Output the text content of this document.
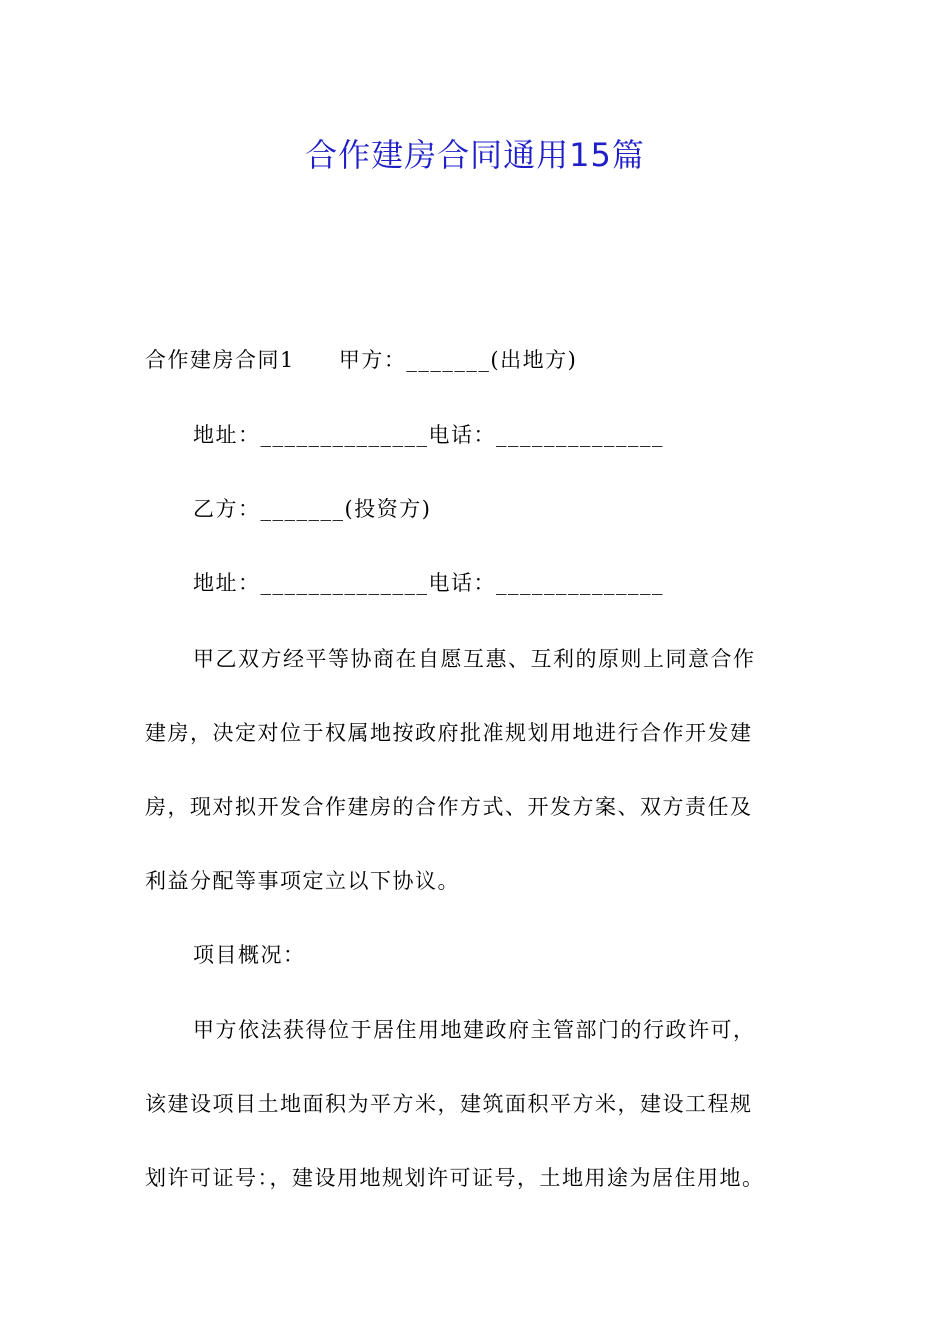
合作建房合同通用15篇
合作建房合同1 甲方：_______(出地方)
地址：______________电话：______________
乙方：_______(投资方)
地址：______________电话：______________
甲乙双方经平等协商在自愿互惠、互利的原则上同意合作
建房，决定对位于权属地按政府批准规划用地进行合作开发建
房，现对拟开发合作建房的合作方式、开发方案、双方责任及
利益分配等事项定立以下协议。
项目概况：
甲方依法获得位于居住用地建政府主管部门的行政许可，
该建设项目土地面积为平方米，建筑面积平方米，建设工程规
划许可证号：，建设用地规划许可证号，土地用途为居住用地。
